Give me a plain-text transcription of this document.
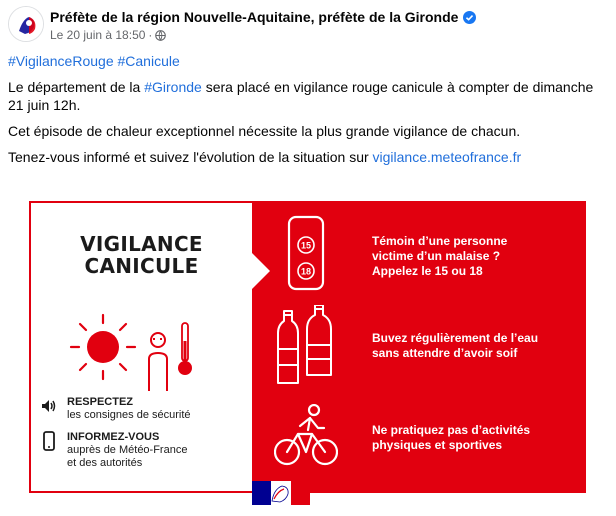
Préfète de la région Nouvelle-Aquitaine, préfète de la Gironde
Le 20 juin à 18:50 ·

#VigilanceRouge #Canicule

Le département de la #Gironde sera placé en vigilance rouge canicule à compter de dimanche 21 juin 12h.

Cet épisode de chaleur exceptionnel nécessite la plus grande vigilance de chacun.

Tenez-vous informé et suivez l'évolution de la situation sur vigilance.meteofrance.fr

VIGILANCE
CANICULE
RESPECTEZ
les consignes de sécurité
INFORMEZ-VOUS
auprès de Météo-France
et des autorités
15
18
Témoin d’une personne
victime d’un malaise ?
Appelez le 15 ou 18
Buvez régulièrement de l’eau
sans attendre d’avoir soif
Ne pratiquez pas d’activités
physiques et sportives
